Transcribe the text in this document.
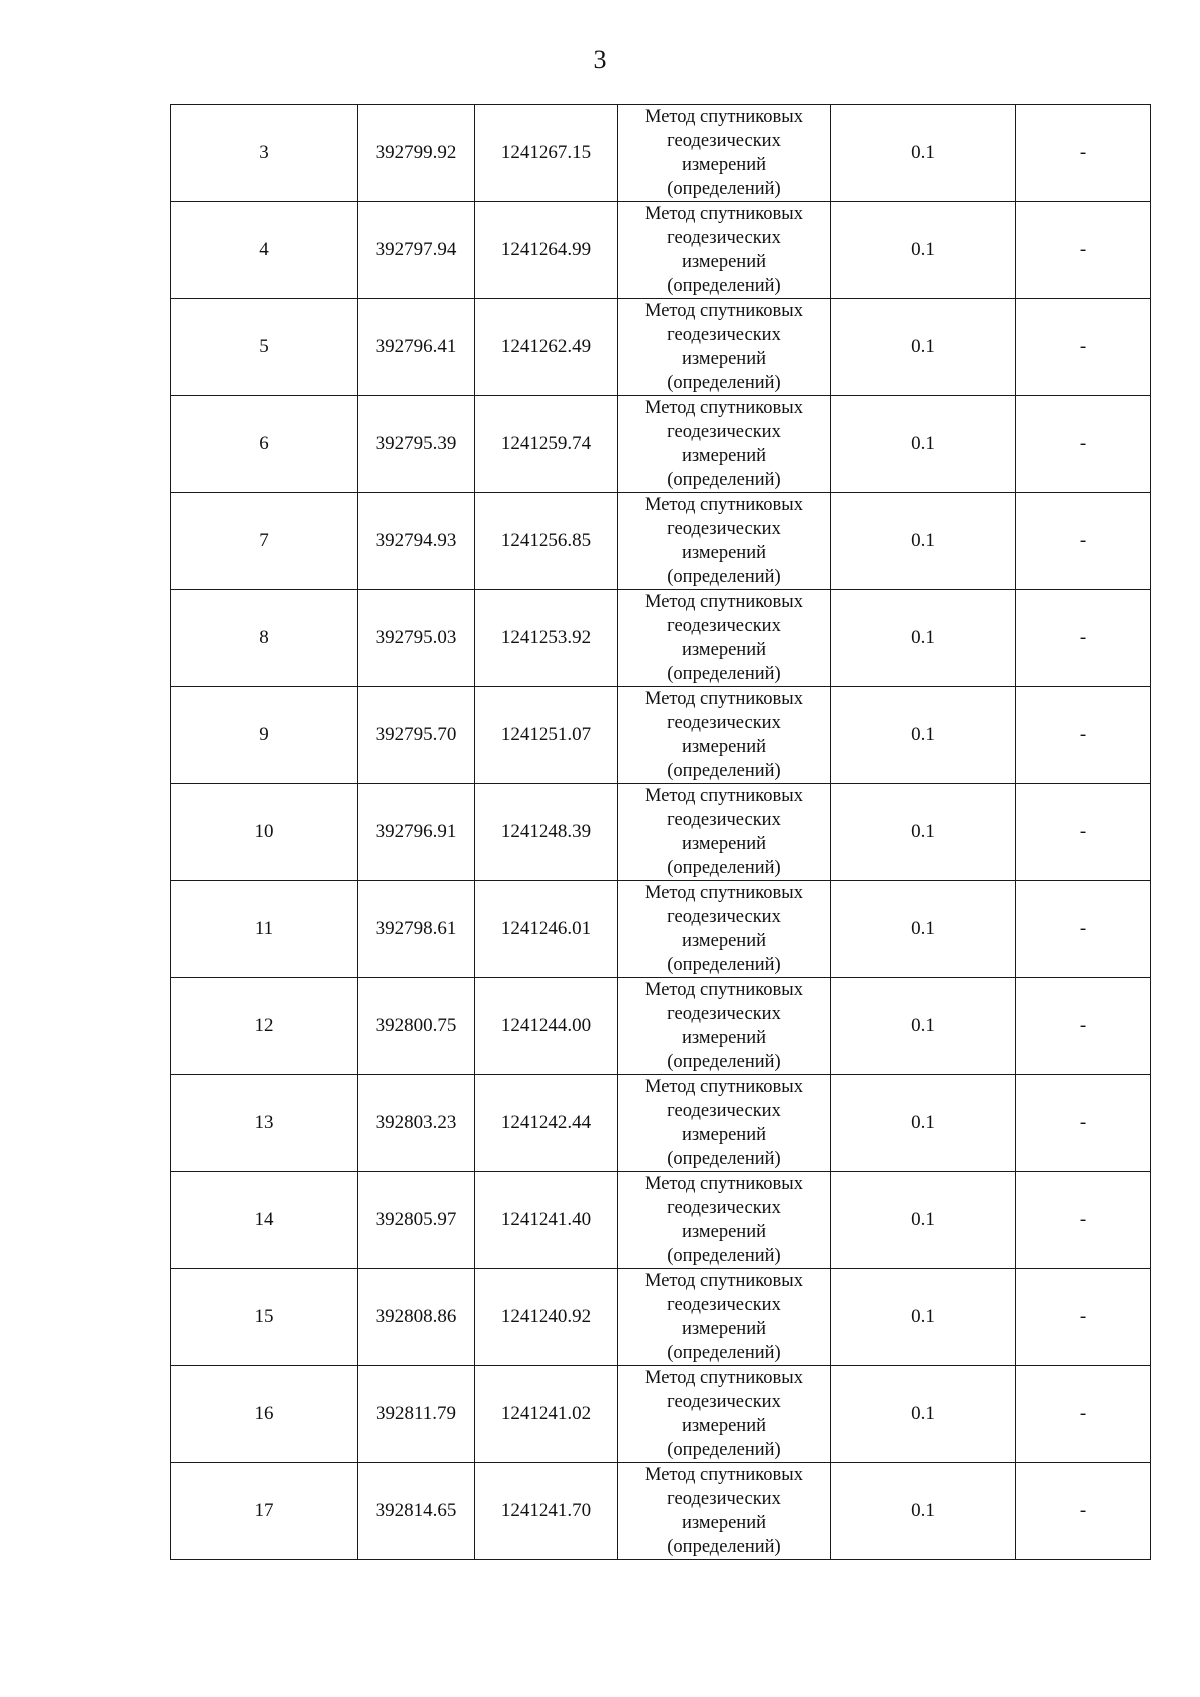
3
3	392799.92	1241267.15	Метод спутниковых
геодезических
измерений
(определений)	0.1	-
4	392797.94	1241264.99	Метод спутниковых
геодезических
измерений
(определений)	0.1	-
5	392796.41	1241262.49	Метод спутниковых
геодезических
измерений
(определений)	0.1	-
6	392795.39	1241259.74	Метод спутниковых
геодезических
измерений
(определений)	0.1	-
7	392794.93	1241256.85	Метод спутниковых
геодезических
измерений
(определений)	0.1	-
8	392795.03	1241253.92	Метод спутниковых
геодезических
измерений
(определений)	0.1	-
9	392795.70	1241251.07	Метод спутниковых
геодезических
измерений
(определений)	0.1	-
10	392796.91	1241248.39	Метод спутниковых
геодезических
измерений
(определений)	0.1	-
11	392798.61	1241246.01	Метод спутниковых
геодезических
измерений
(определений)	0.1	-
12	392800.75	1241244.00	Метод спутниковых
геодезических
измерений
(определений)	0.1	-
13	392803.23	1241242.44	Метод спутниковых
геодезических
измерений
(определений)	0.1	-
14	392805.97	1241241.40	Метод спутниковых
геодезических
измерений
(определений)	0.1	-
15	392808.86	1241240.92	Метод спутниковых
геодезических
измерений
(определений)	0.1	-
16	392811.79	1241241.02	Метод спутниковых
геодезических
измерений
(определений)	0.1	-
17	392814.65	1241241.70	Метод спутниковых
геодезических
измерений
(определений)	0.1	-
